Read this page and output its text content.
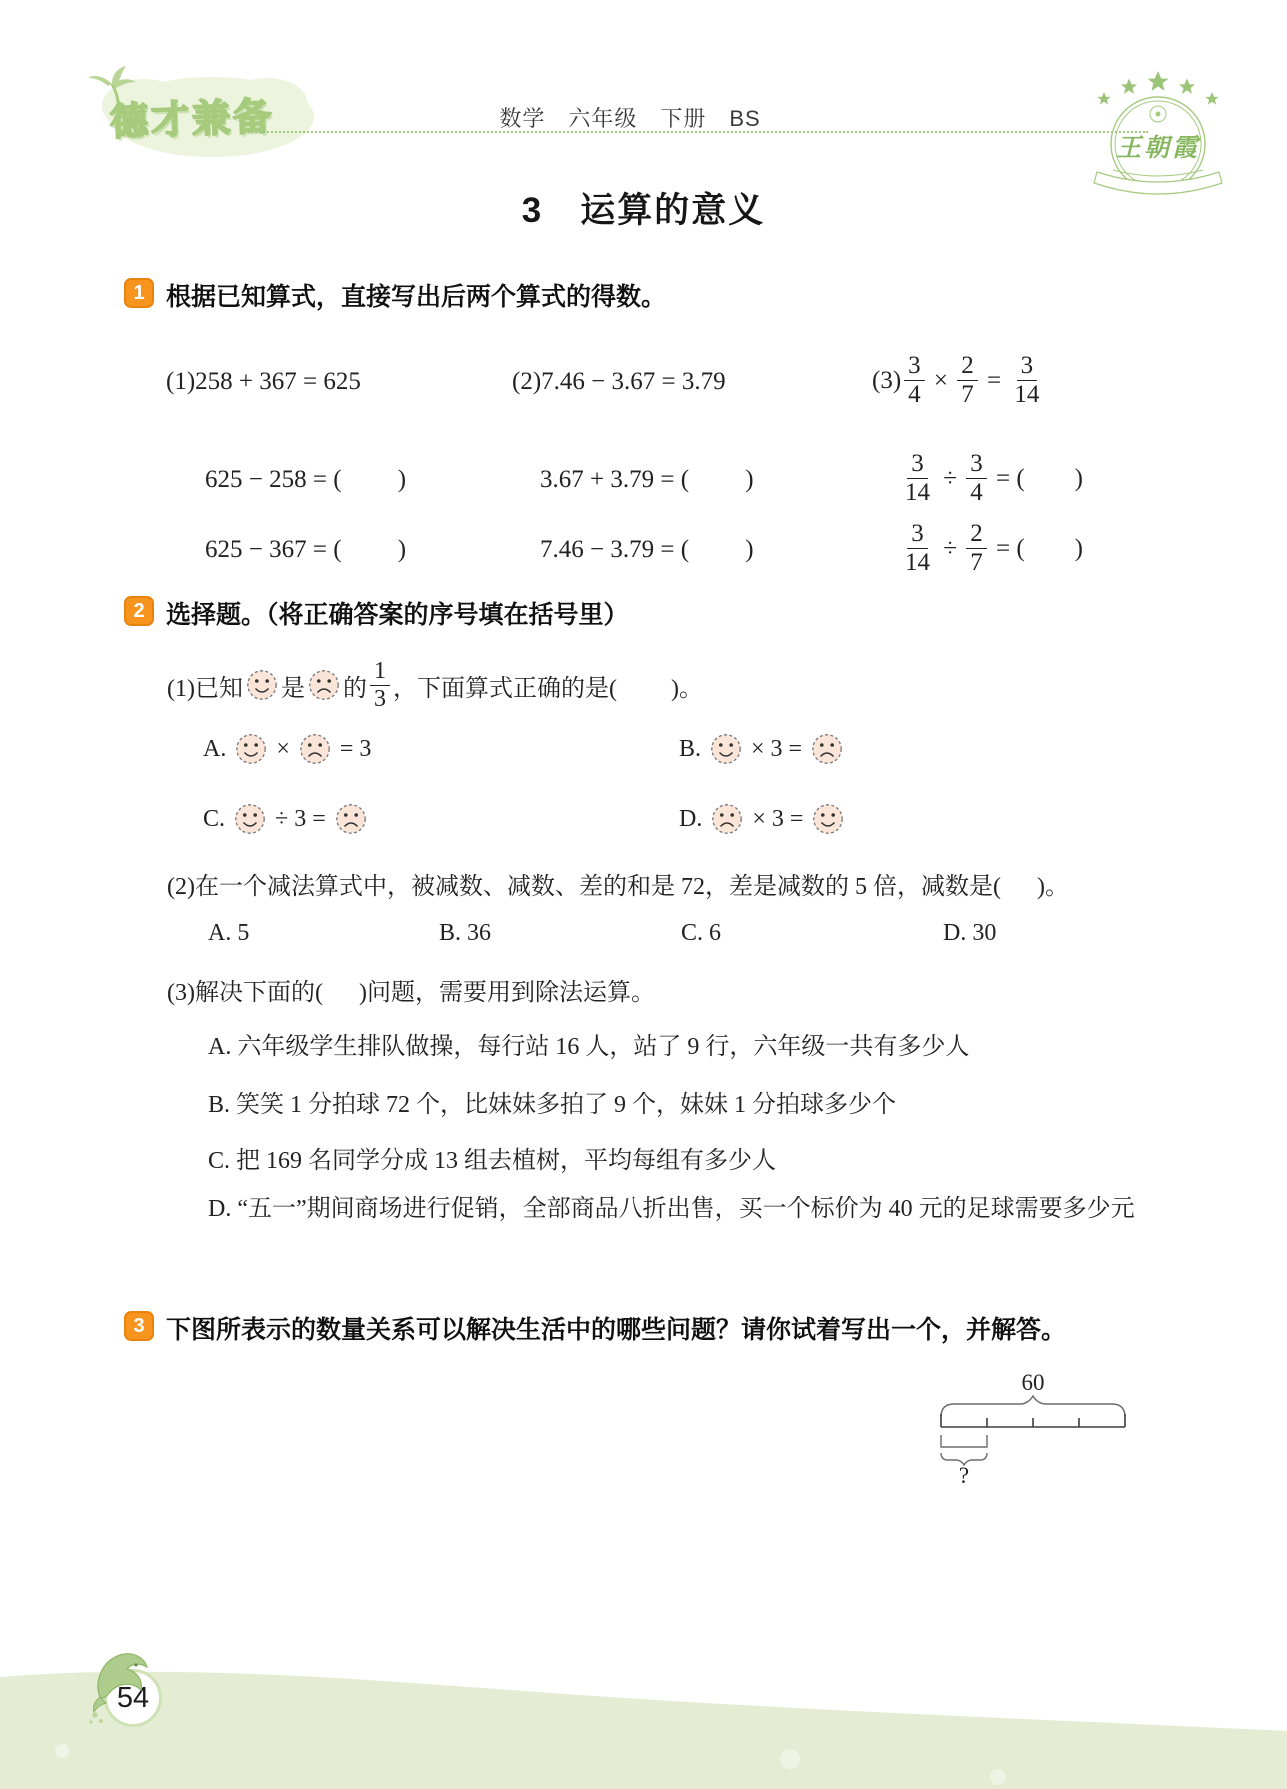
德才兼备	数学　六年级　下册　BS
王朝霞
3　运算的意义
1 根据已知算式，直接写出后两个算式的得数。
(1)258 + 367 = 625
625 − 258 = (         )
625 − 367 = (         )
(2)7.46 − 3.67 = 3.79
3.67 + 3.79 = (         )
7.46 − 3.79 = (         )
$(3) \frac{3}{4} \times \frac{2}{7} = \frac{3}{14}$
$\frac{3}{14} \div \frac{3}{4}$ = (        )
$\frac{3}{14} \div \frac{2}{7}$ = (        )
2 选择题。（将正确答案的序号填在括号里）
(1)已知 是 的 $\frac{1}{3}$ ，下面算式正确的是(         )。
A.
×
= 3	B.
× 3 =
C.
÷ 3 =	D.
× 3 =
(2)在一个减法算式中，被减数、减数、差的和是 72，差是减数的 5 倍，减数是(      )。
A. 5	B. 36	C. 6	D. 30
(3)解决下面的(      )问题，需要用到除法运算。
A. 六年级学生排队做操，每行站 16 人，站了 9 行，六年级一共有多少人
B. 笑笑 1 分拍球 72 个，比妹妹多拍了 9 个，妹妹 1 分拍球多少个
C. 把 169 名同学分成 13 组去植树，平均每组有多少人
D. “五一”期间商场进行促销，全部商品八折出售，买一个标价为 40 元的足球需要多少元
3 下图所表示的数量关系可以解决生活中的哪些问题？请你试着写出一个，并解答。
60
?
54
